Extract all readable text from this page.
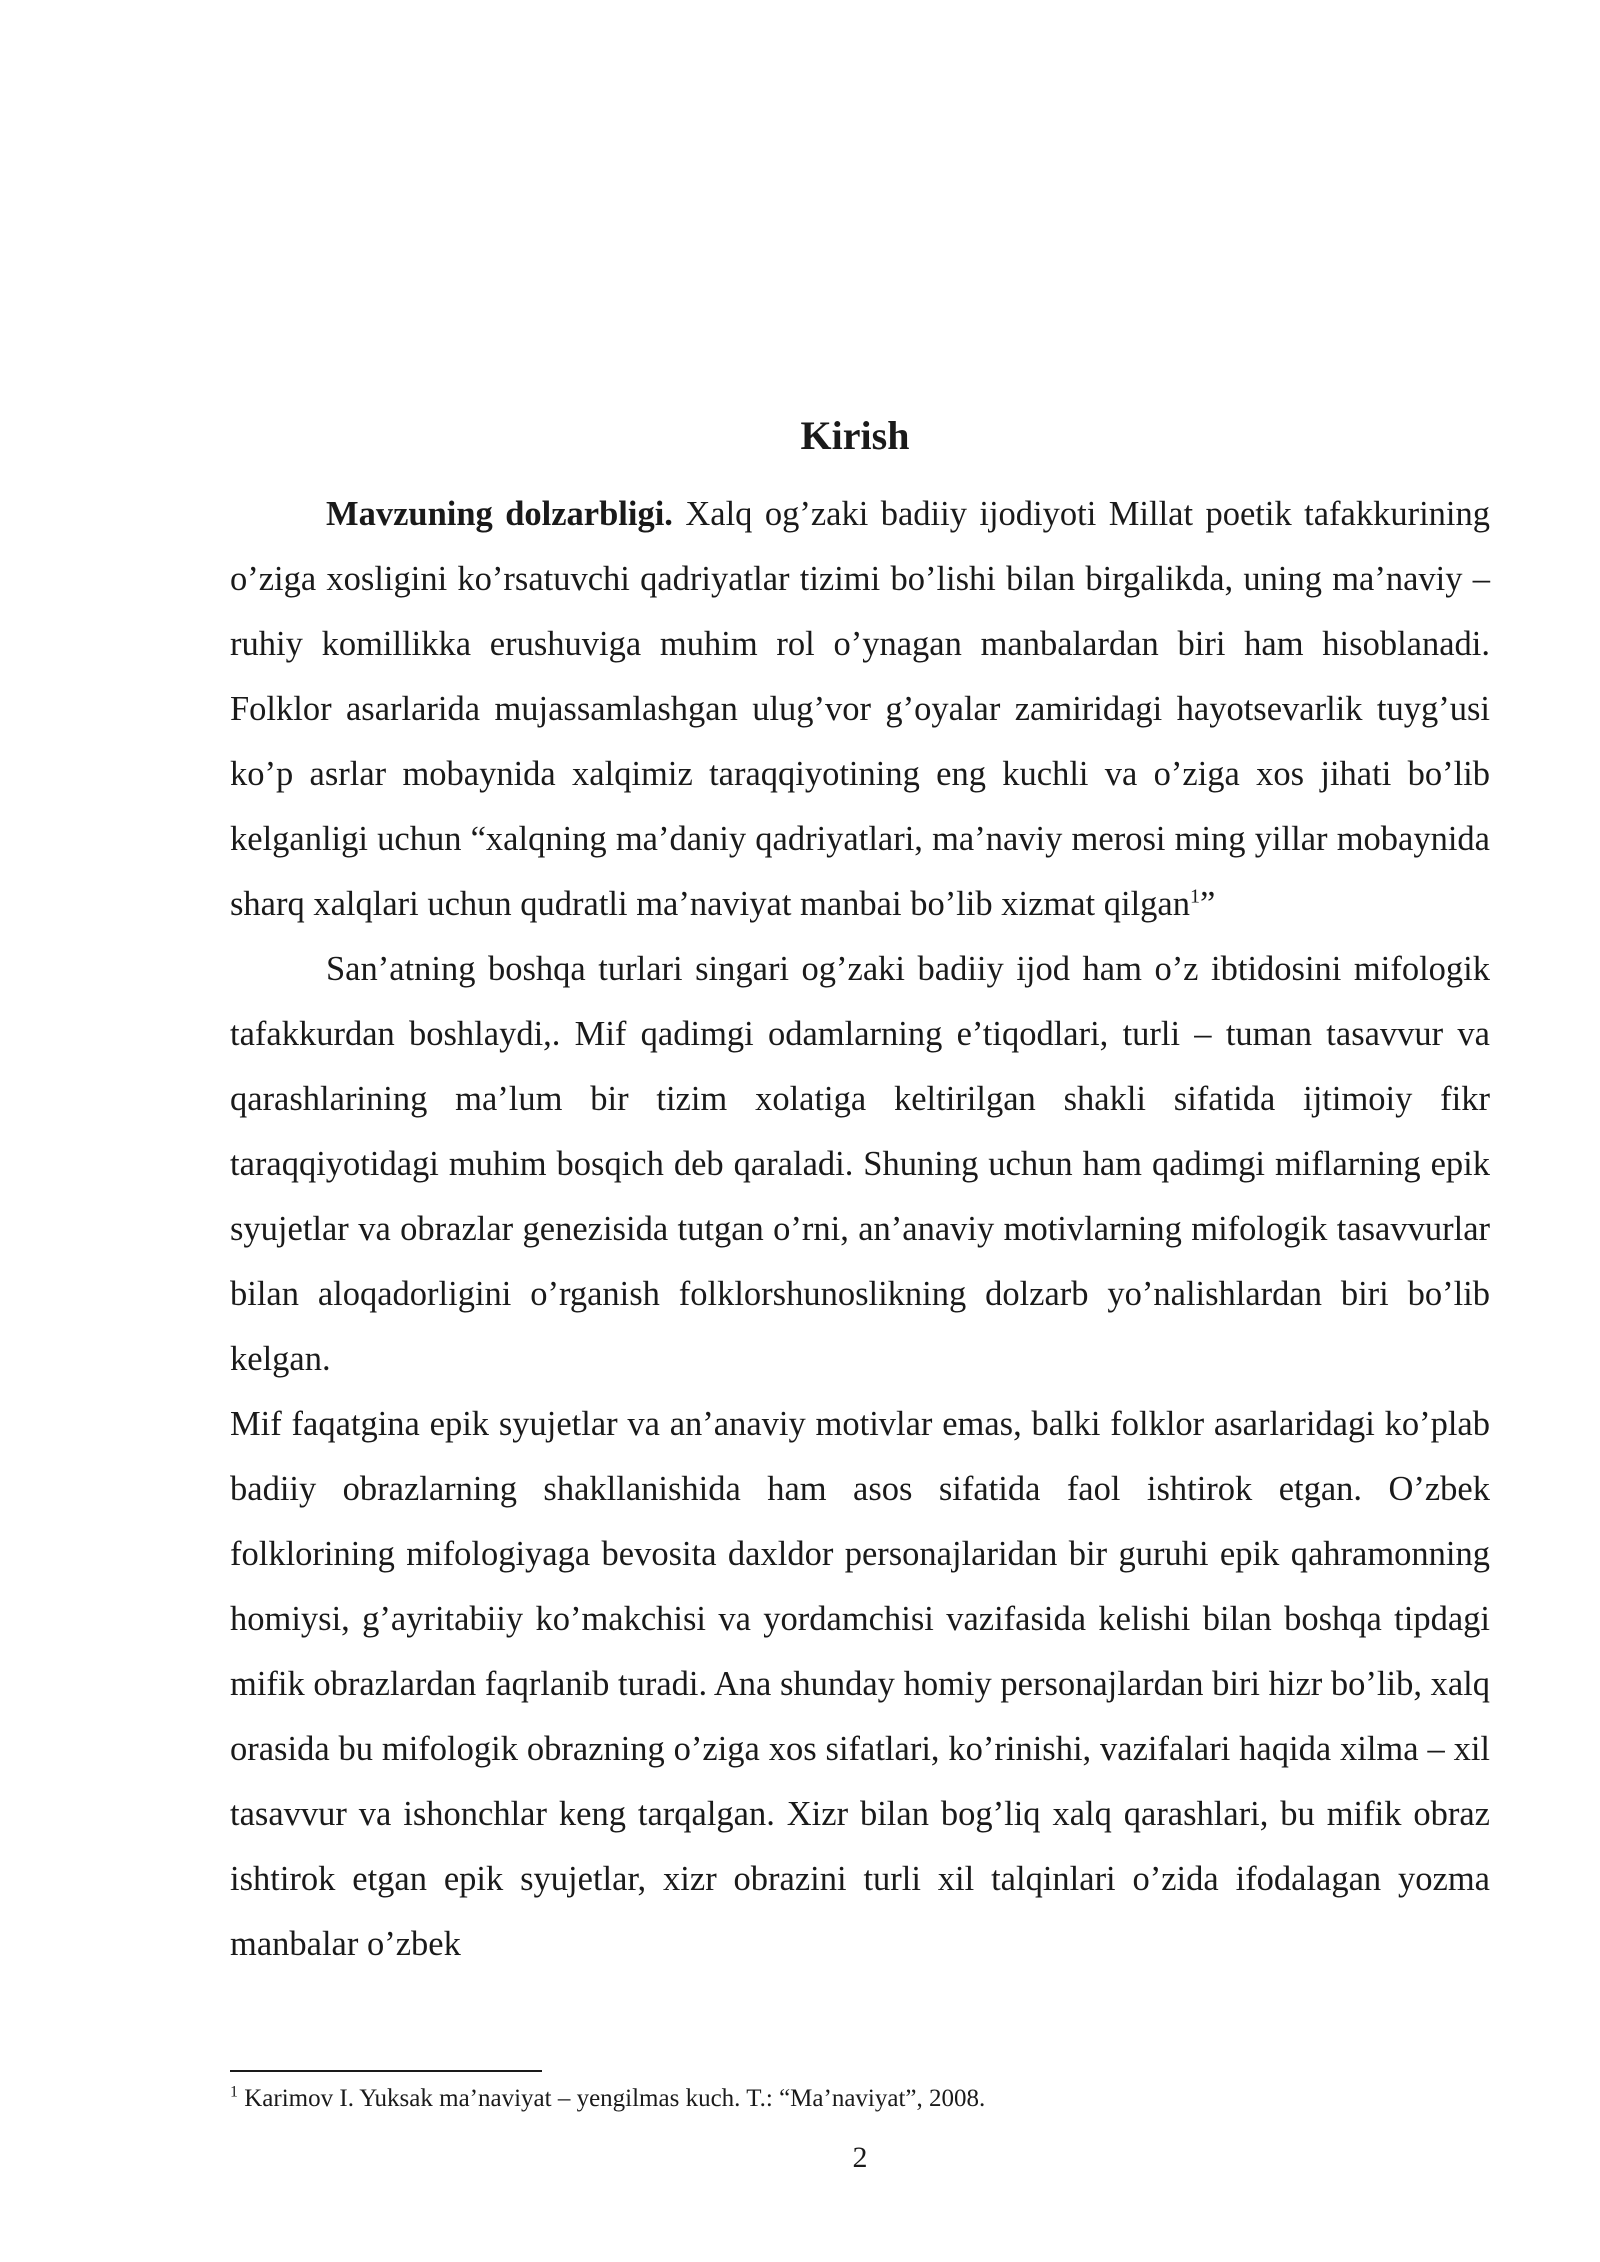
Kirish

Mavzuning dolzarbligi. Xalq og’zaki badiiy ijodiyoti Millat poetik tafakkurining o’ziga xosligini ko’rsatuvchi qadriyatlar tizimi bo’lishi bilan birgalikda, uning ma’naviy – ruhiy komillikka erushuviga muhim rol o’ynagan manbalardan biri ham hisoblanadi. Folklor asarlarida mujassamlashgan ulug’vor g’oyalar zamiridagi hayotsevarlik tuyg’usi ko’p asrlar mobaynida xalqimiz taraqqiyotining eng kuchli va o’ziga xos jihati bo’lib kelganligi uchun “xalqning ma’daniy qadriyatlari, ma’naviy merosi ming yillar mobaynida sharq xalqlari uchun qudratli ma’naviyat manbai bo’lib xizmat qilgan$^1$”

San’atning boshqa turlari singari og’zaki badiiy ijod ham o’z ibtidosini mifologik tafakkurdan boshlaydi,. Mif qadimgi odamlarning e’tiqodlari, turli – tuman tasavvur va qarashlarining ma’lum bir tizim xolatiga keltirilgan shakli sifatida ijtimoiy fikr taraqqiyotidagi muhim bosqich deb qaraladi. Shuning uchun ham qadimgi miflarning epik syujetlar va obrazlar genezisida tutgan o’rni, an’anaviy motivlarning mifologik tasavvurlar bilan aloqadorligini o’rganish folklorshunoslikning dolzarb yo’nalishlardan biri bo’lib kelgan.

Mif faqatgina epik syujetlar va an’anaviy motivlar emas, balki folklor asarlaridagi ko’plab badiiy obrazlarning shakllanishida ham asos sifatida faol ishtirok etgan. O’zbek folklorining mifologiyaga bevosita daxldor personajlaridan bir guruhi epik qahramonning homiysi, g’ayritabiiy ko’makchisi va yordamchisi vazifasida kelishi bilan boshqa tipdagi mifik obrazlardan faqrlanib turadi. Ana shunday homiy personajlardan biri hizr bo’lib, xalq orasida bu mifologik obrazning o’ziga xos sifatlari, ko’rinishi, vazifalari haqida xilma – xil tasavvur va ishonchlar keng tarqalgan. Xizr bilan bog’liq xalq qarashlari, bu mifik obraz ishtirok etgan epik syujetlar, xizr obrazini turli xil talqinlari o’zida ifodalagan yozma manbalar o’zbek

$^1$ Karimov I. Yuksak ma’naviyat – yengilmas kuch. T.: “Ma’naviyat”, 2008.

2
